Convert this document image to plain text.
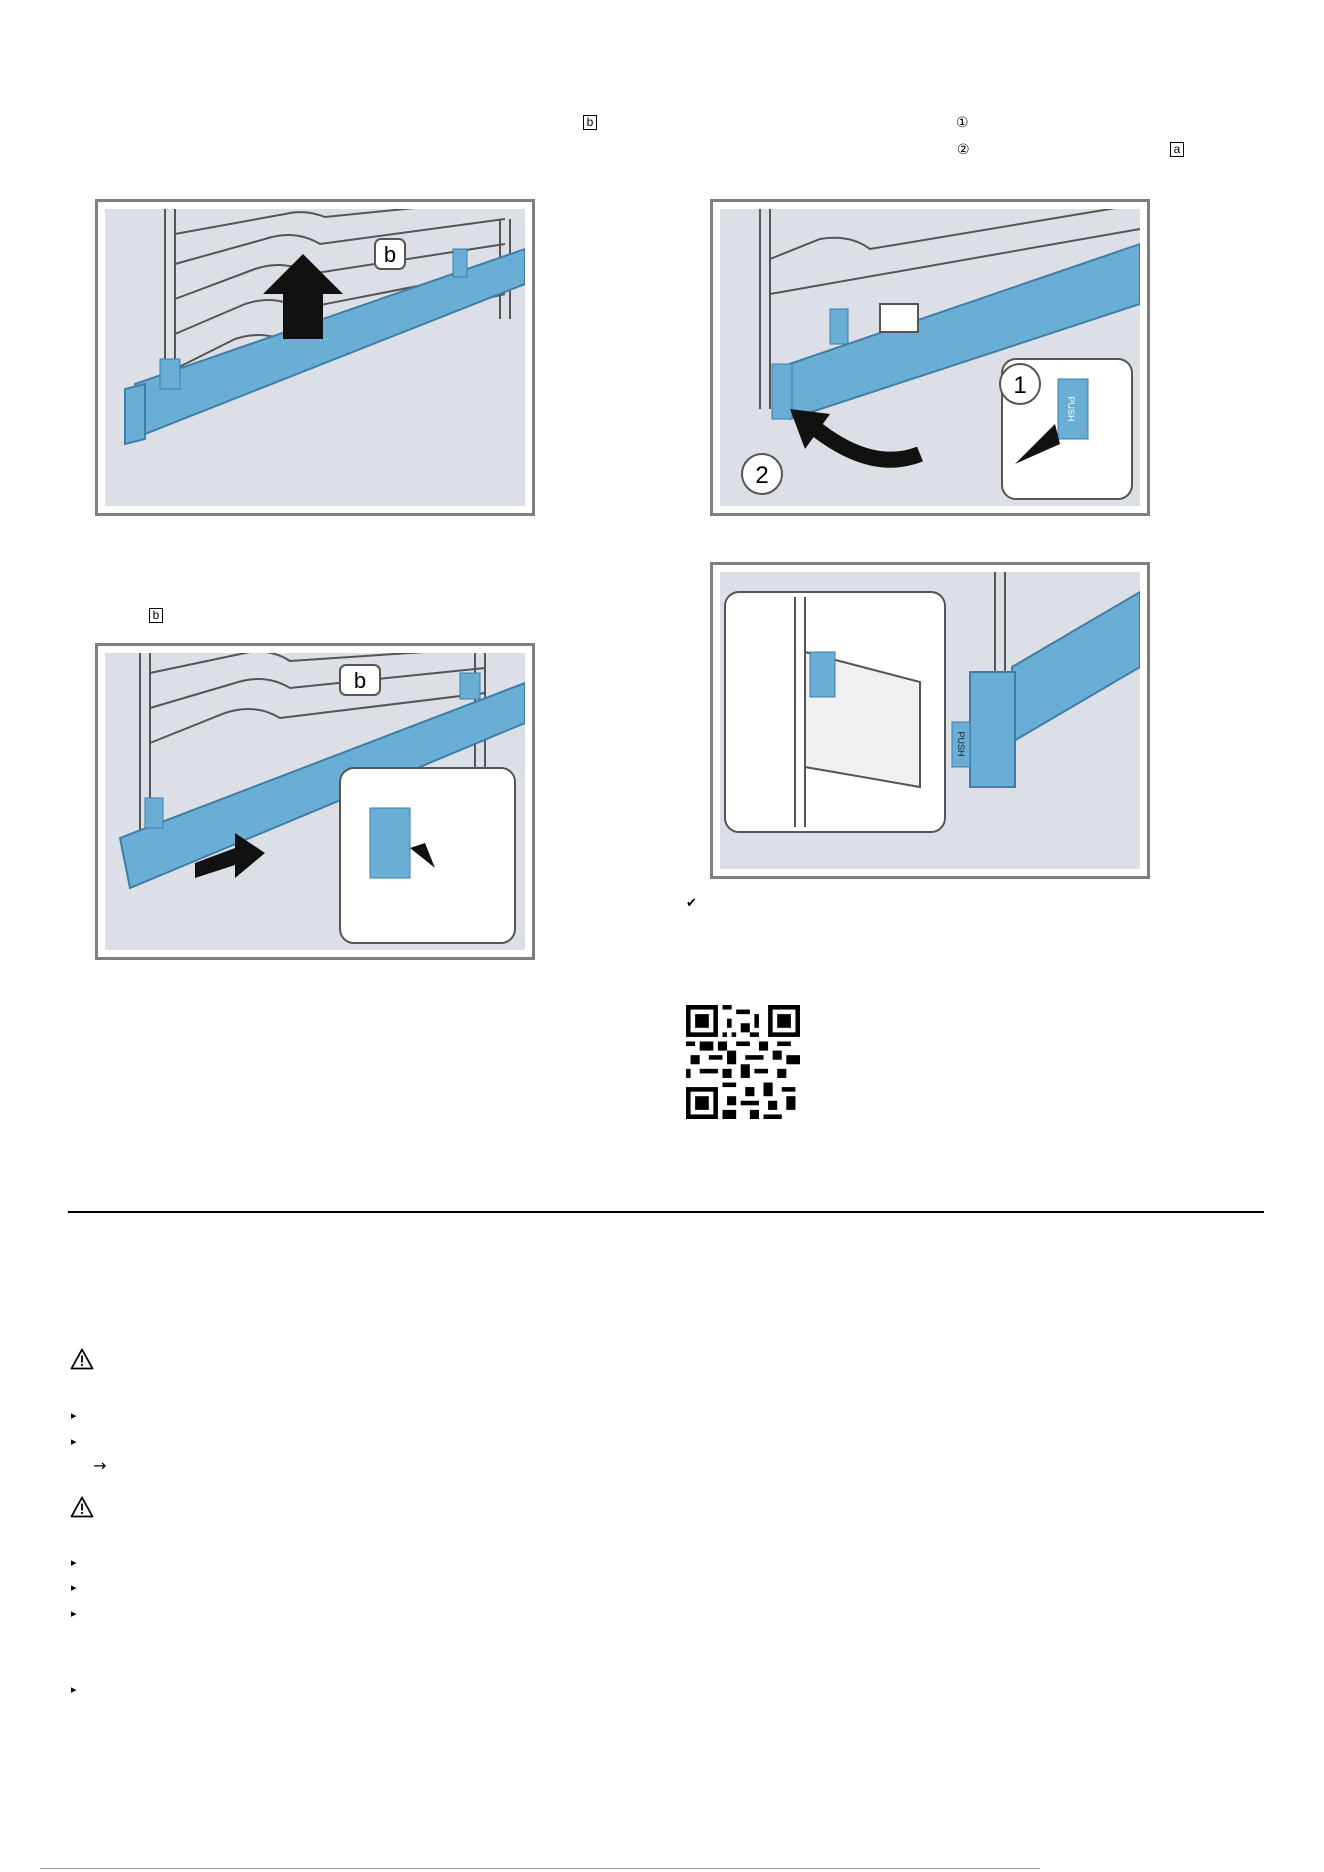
b	①
②	a
b
PUSH
1
2
b
b
PUSH
✔
▸
▸
→
▸
▸
▸
▸
